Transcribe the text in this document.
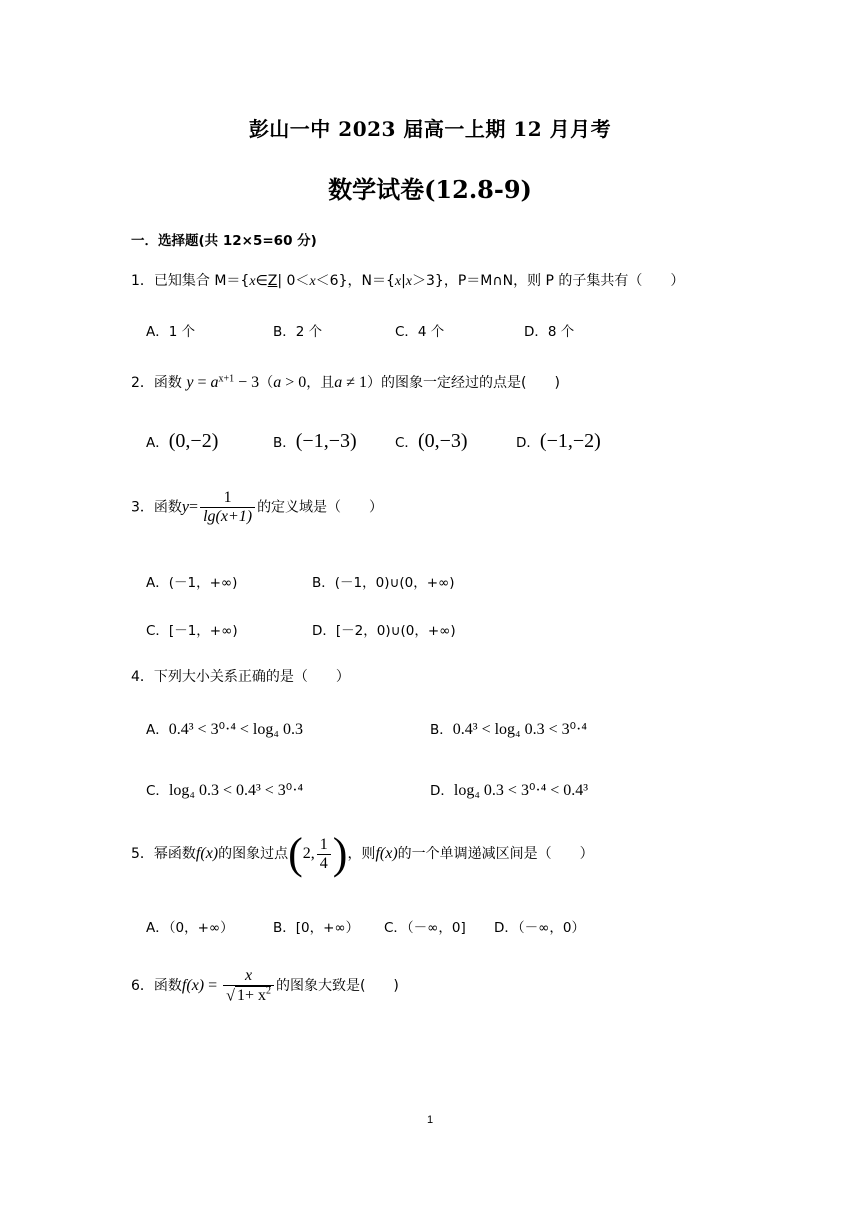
彭山一中 2023 届高一上期 12 月月考
数学试卷(12.8-9)
一．选择题(共 12×5=60 分)
1．已知集合 M＝{x∈Z| 0＜x＜6}，N＝{x|x＞3}，P＝M∩N，则 P 的子集共有（　　）
A．1 个	B．2 个	C．4 个	D．8 个
2．函数 $y = a^{x+1} - 3(a > 0$，且a ≠ 1）的图象一定经过的点是(　　)
A．(0,−2)	B．(−1,−3)	C．(0,−3)	D．(−1,−2)
3．函数$y= \frac{1}{\lg(x+1)}$ 的定义域是（　　）
A．(－1，+∞)	B．(－1，0)∪(0，+∞)
C．[－1，+∞)	D．[－2，0)∪(0，+∞)
4．下列大小关系正确的是（　　）
A．0.4³ < 3⁰·⁴ < log₄ 0.3	B．0.4³ < log₄ 0.3 < 3⁰·⁴
C．log₄ 0.3 < 0.4³ < 3⁰·⁴	D．log₄ 0.3 < 3⁰·⁴ < 0.4³
5．幂函数f(x)的图象过点(2, $\frac{1}{4}$ )，则f(x)的一个单调递减区间是（　　）
A．（0，+∞）	B．[0，+∞） C．（－∞，0] D．（－∞，0）
6．函数$f(x) = \frac{x}{√ 1+ x^2}$ 的图象大致是(　　)
1
